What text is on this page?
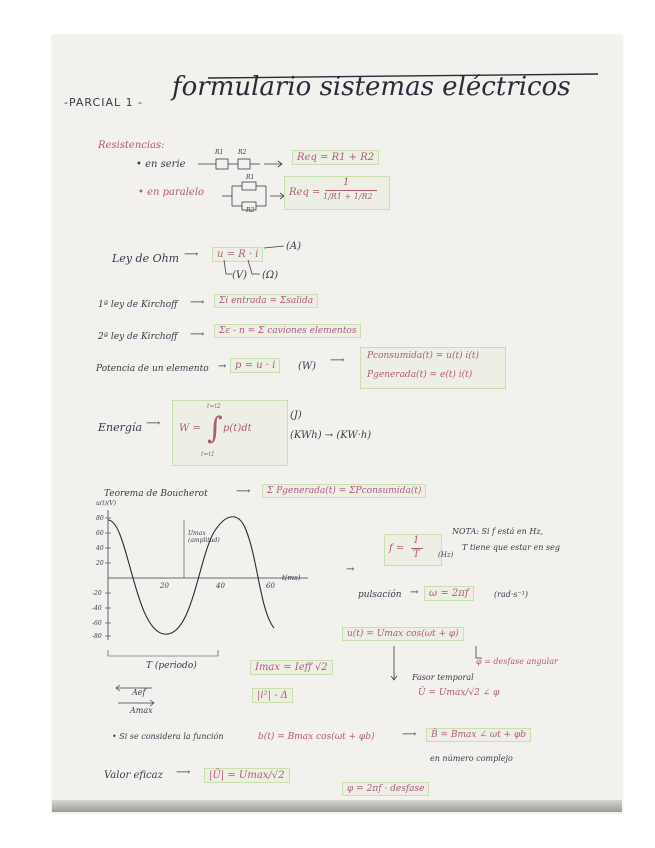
-PARCIAL 1 -
formulario sistemas eléctricos
Resistencias:
• en serie
R1 R2	Req = R1 + R2
• en paralelo
R1
R2
Req =
1
1/R1 + 1/R2
Ley de Ohm ⟶	u = R · i
(A)
(V) (Ω)
1ª ley de Kirchoff ⟶	Σi entrada = Σsalida
2ª ley de Kirchoff ⟶	Σε - n = Σ caviones elementos
Potencia de un elemento → p = u · i	(W)
⟶	Pconsumida(t) = u(t) i(t)
Pgenerada(t) = e(t) i(t)
Energía ⟶ W =
t=t2
∫ p(t)dt
t=t1
(J)
(KWh) → (KW·h)
Teorema de Boucherot	⟶	Σ Pgenerada(t) = ΣPconsumida(t)
u(t)(V)
80
60
40
20
-20
-40
-60
-80
20	40	60
t(ms)
Umax (amplitud)
T (periodo)
f =
1
T	(Hz)
NOTA: Si f está en Hz,
T tiene que estar en seg
→
pulsación →	ω = 2πf	(rad·s⁻¹)
u(t) = Umax cos(ωt + φ)
φ = desfase angular
Fasor temporal
Ū = Umax/√2 ∠ φ
Imax = Ieff √2
|i²| - Δ
Aef
Amax
• Si se considera la función	b(t) = Bmax cos(ωt + φb)	⟶	B̄ = Bmax ∠ ωt + φb
en número complejo
Valor eficaz ⟶	|Ū| = Umax/√2
φ = 2πf · desfase
